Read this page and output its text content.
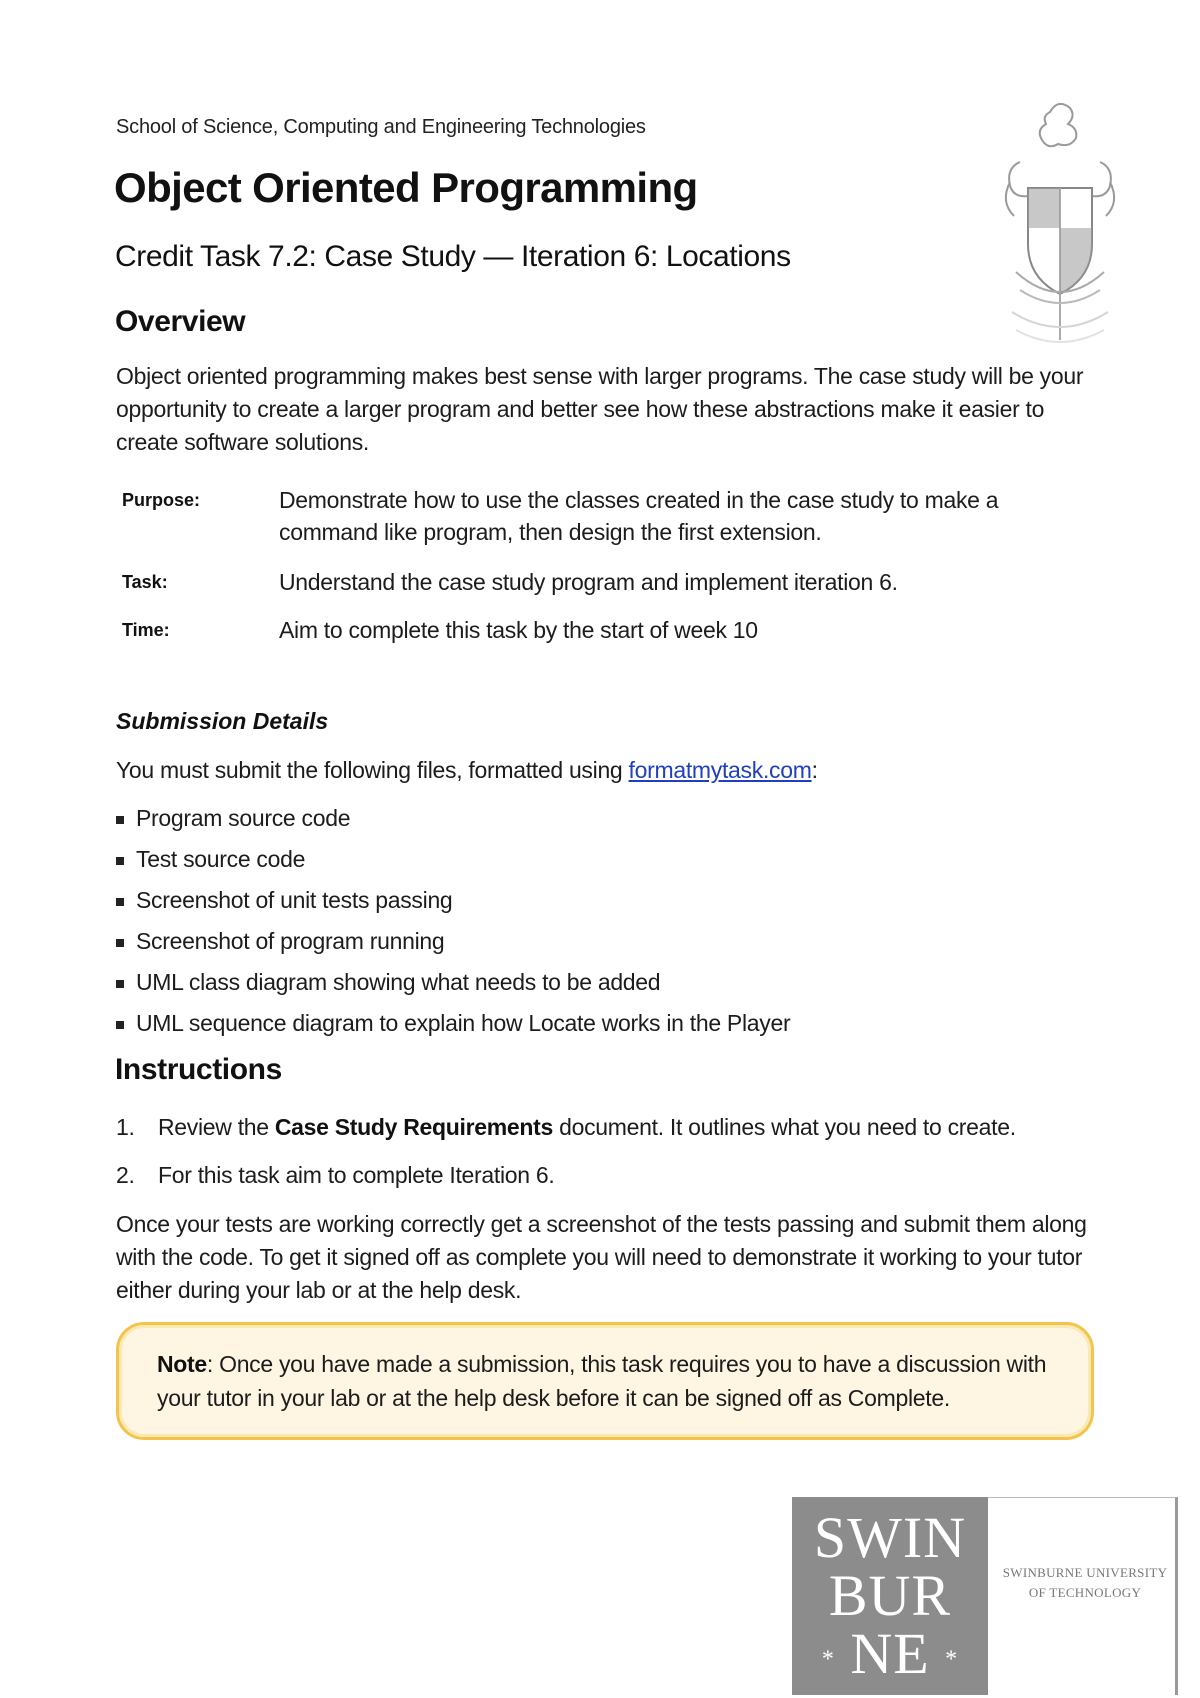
School of Science, Computing and Engineering Technologies
Object Oriented Programming
Credit Task 7.2: Case Study — Iteration 6: Locations
Overview
Object oriented programming makes best sense with larger programs. The case study will be your opportunity to create a larger program and better see how these abstractions make it easier to create software solutions.
Purpose:	Demonstrate how to use the classes created in the case study to make a command like program, then design the first extension.
Task:	Understand the case study program and implement iteration 6.
Time:	Aim to complete this task by the start of week 10
Submission Details
You must submit the following files, formatted using formatmytask.com:
Program source code
Test source code
Screenshot of unit tests passing
Screenshot of program running
UML class diagram showing what needs to be added
UML sequence diagram to explain how Locate works in the Player
Instructions
1. Review the Case Study Requirements document. It outlines what you need to create.
2. For this task aim to complete Iteration 6.
Once your tests are working correctly get a screenshot of the tests passing and submit them along with the code. To get it signed off as complete you will need to demonstrate it working to your tutor either during your lab or at the help desk.
Note: Once you have made a submission, this task requires you to have a discussion with your tutor in your lab or at the help desk before it can be signed off as Complete.
SWIN
BUR
* NE *
SWINBURNE UNIVERSITY
OF TECHNOLOGY
